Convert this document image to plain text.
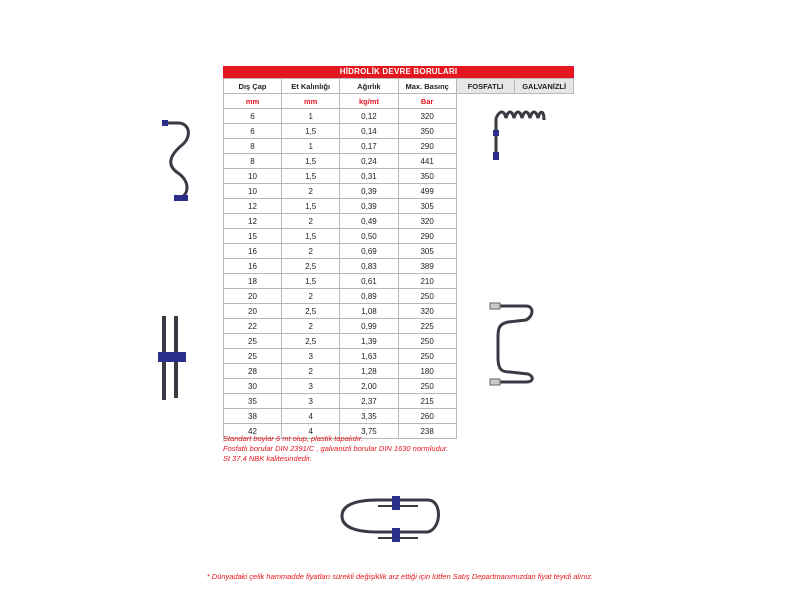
HİDROLİK DEVRE BORULARI
Dış Çap	Et Kalınlığı	Ağırlık	Max. Basınç	FOSFATLI	GALVANİZLİ
mm	mm	kg/mt	Bar		
6	1	0,12	320		
6	1,5	0,14	350		
8	1	0,17	290		
8	1,5	0,24	441		
10	1,5	0,31	350		
10	2	0,39	499		
12	1,5	0,39	305		
12	2	0,49	320		
15	1,5	0,50	290		
16	2	0,69	305		
16	2,5	0,83	389		
18	1,5	0,61	210		
20	2	0,89	250		
20	2,5	1,08	320		
22	2	0,99	225		
25	2,5	1,39	250		
25	3	1,63	250		
28	2	1,28	180		
30	3	2,00	250		
35	3	2,37	215		
38	4	3,35	260		
42	4	3,75	238		
Standart boylar 6 mt olup, plastik tapalıdır.
Fosfatlı borular DIN 2391/C , galvanizli borular DIN 1630 normludur.
St 37,4 NBK kalitesindedir.
* Dünyadaki çelik hammadde fiyatları sürekli değişiklik arz ettiği için lütfen Satış Departmanımızdan fiyat teyidi alınız.
